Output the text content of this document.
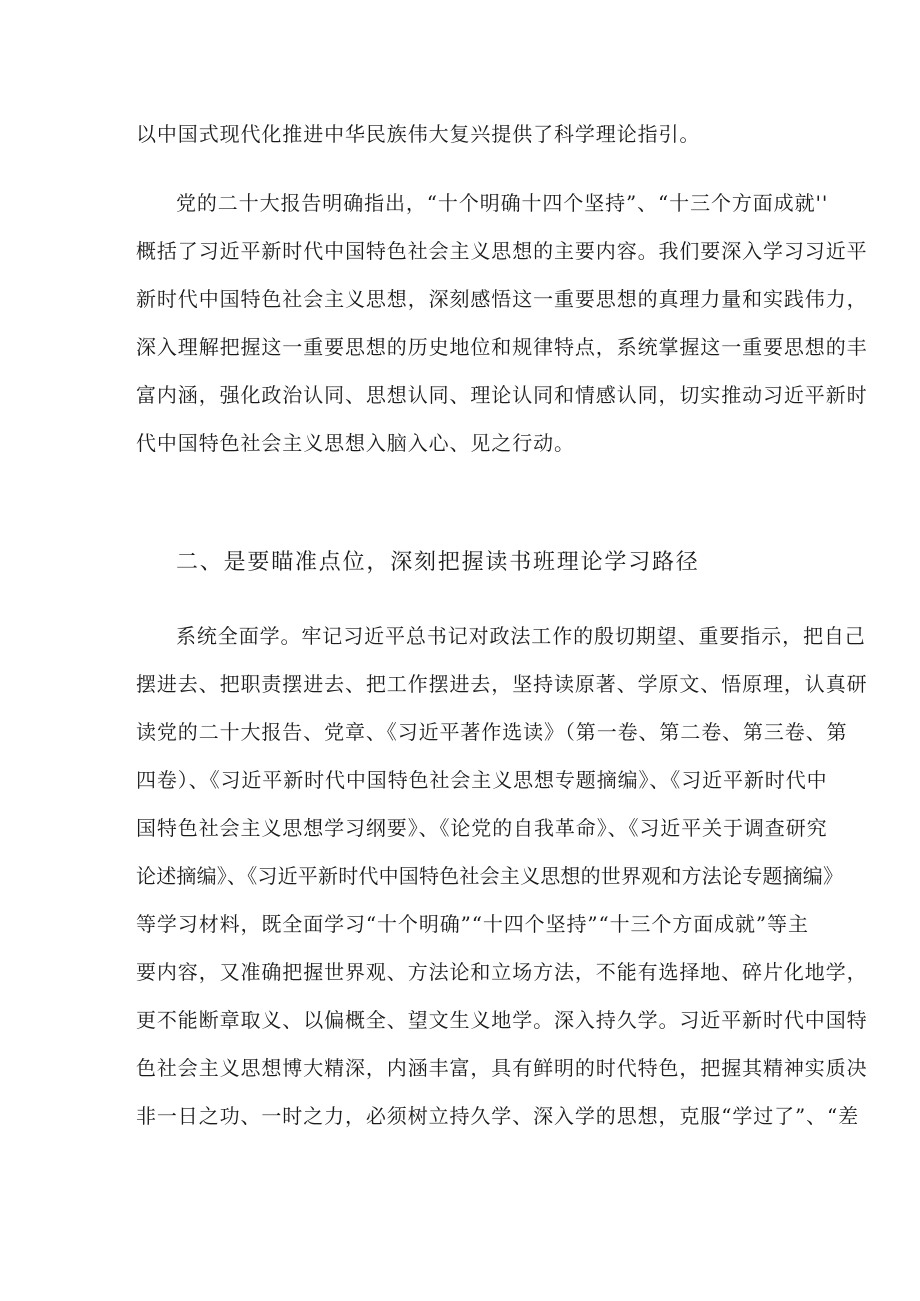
以中国式现代化推进中华民族伟大复兴提供了科学理论指引。
党的二十大报告明确指出，“十个明确十四个坚持”、“十三个方面成就''
概括了习近平新时代中国特色社会主义思想的主要内容。我们要深入学习习近平
新时代中国特色社会主义思想，深刻感悟这一重要思想的真理力量和实践伟力，
深入理解把握这一重要思想的历史地位和规律特点，系统掌握这一重要思想的丰
富内涵，强化政治认同、思想认同、理论认同和情感认同，切实推动习近平新时
代中国特色社会主义思想入脑入心、见之行动。
二、是要瞄准点位，深刻把握读书班理论学习路径
系统全面学。牢记习近平总书记对政法工作的殷切期望、重要指示，把自己
摆进去、把职责摆进去、把工作摆进去，坚持读原著、学原文、悟原理，认真研
读党的二十大报告、党章、《习近平著作选读》（第一卷、第二卷、第三卷、第
四卷）、《习近平新时代中国特色社会主义思想专题摘编》、《习近平新时代中
国特色社会主义思想学习纲要》、《论党的自我革命》、《习近平关于调查研究
论述摘编》、《习近平新时代中国特色社会主义思想的世界观和方法论专题摘编》
等学习材料，既全面学习“十个明确”“十四个坚持”“十三个方面成就”等主
要内容，又准确把握世界观、方法论和立场方法，不能有选择地、碎片化地学，
更不能断章取义、以偏概全、望文生义地学。深入持久学。习近平新时代中国特
色社会主义思想博大精深，内涵丰富，具有鲜明的时代特色，把握其精神实质决
非一日之功、一时之力，必须树立持久学、深入学的思想，克服“学过了”、“差
